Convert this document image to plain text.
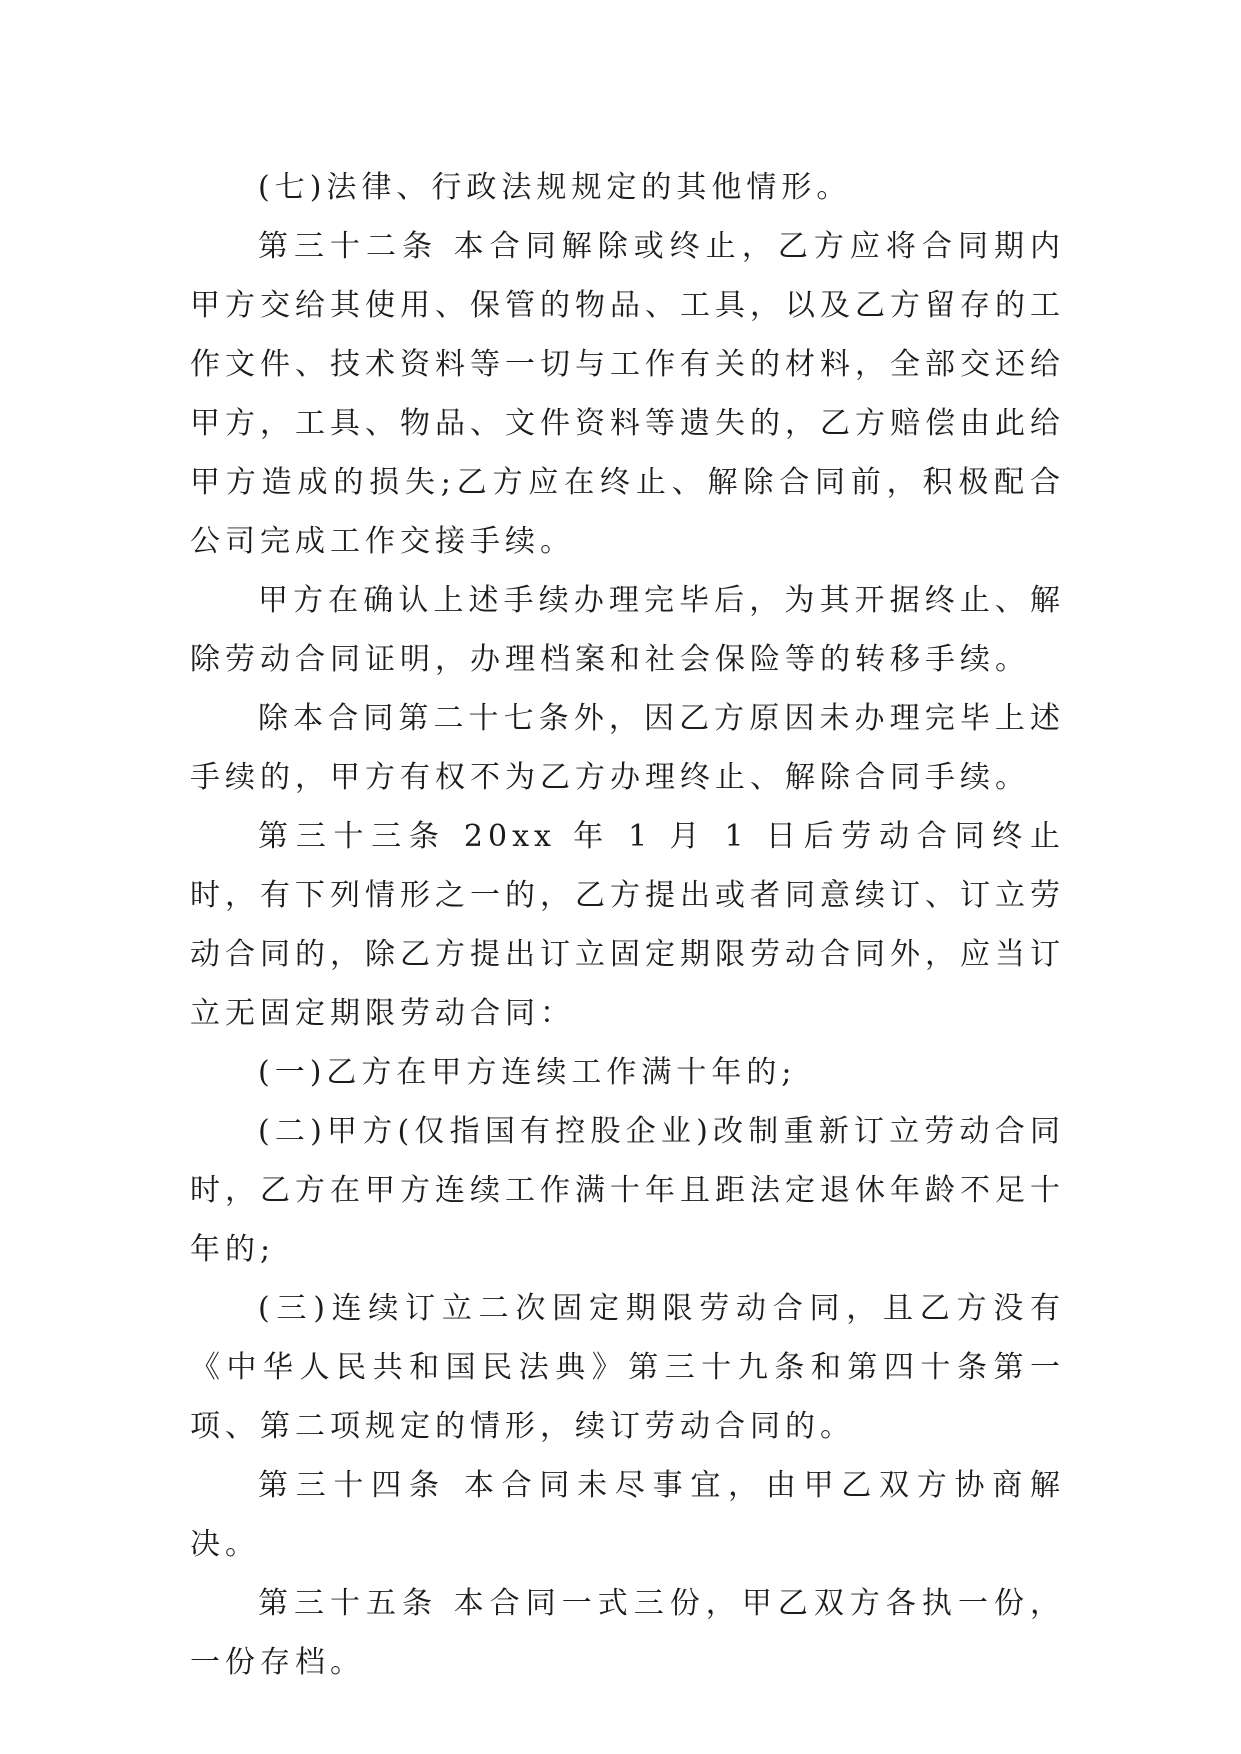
(七)法律、行政法规规定的其他情形。

第三十二条 本合同解除或终止，乙方应将合同期内甲方交给其使用、保管的物品、工具，以及乙方留存的工作文件、技术资料等一切与工作有关的材料，全部交还给甲方，工具、物品、文件资料等遗失的，乙方赔偿由此给甲方造成的损失;乙方应在终止、解除合同前，积极配合公司完成工作交接手续。

甲方在确认上述手续办理完毕后，为其开据终止、解除劳动合同证明，办理档案和社会保险等的转移手续。

除本合同第二十七条外，因乙方原因未办理完毕上述手续的，甲方有权不为乙方办理终止、解除合同手续。

第三十三条 20xx 年 1 月 1 日后劳动合同终止时，有下列情形之一的，乙方提出或者同意续订、订立劳动合同的，除乙方提出订立固定期限劳动合同外，应当订立无固定期限劳动合同：

(一)乙方在甲方连续工作满十年的;

(二)甲方(仅指国有控股企业)改制重新订立劳动合同时，乙方在甲方连续工作满十年且距法定退休年龄不足十年的;

(三)连续订立二次固定期限劳动合同，且乙方没有《中华人民共和国民法典》第三十九条和第四十条第一项、第二项规定的情形，续订劳动合同的。

第三十四条 本合同未尽事宜，由甲乙双方协商解决。

第三十五条 本合同一式三份，甲乙双方各执一份，一份存档。
